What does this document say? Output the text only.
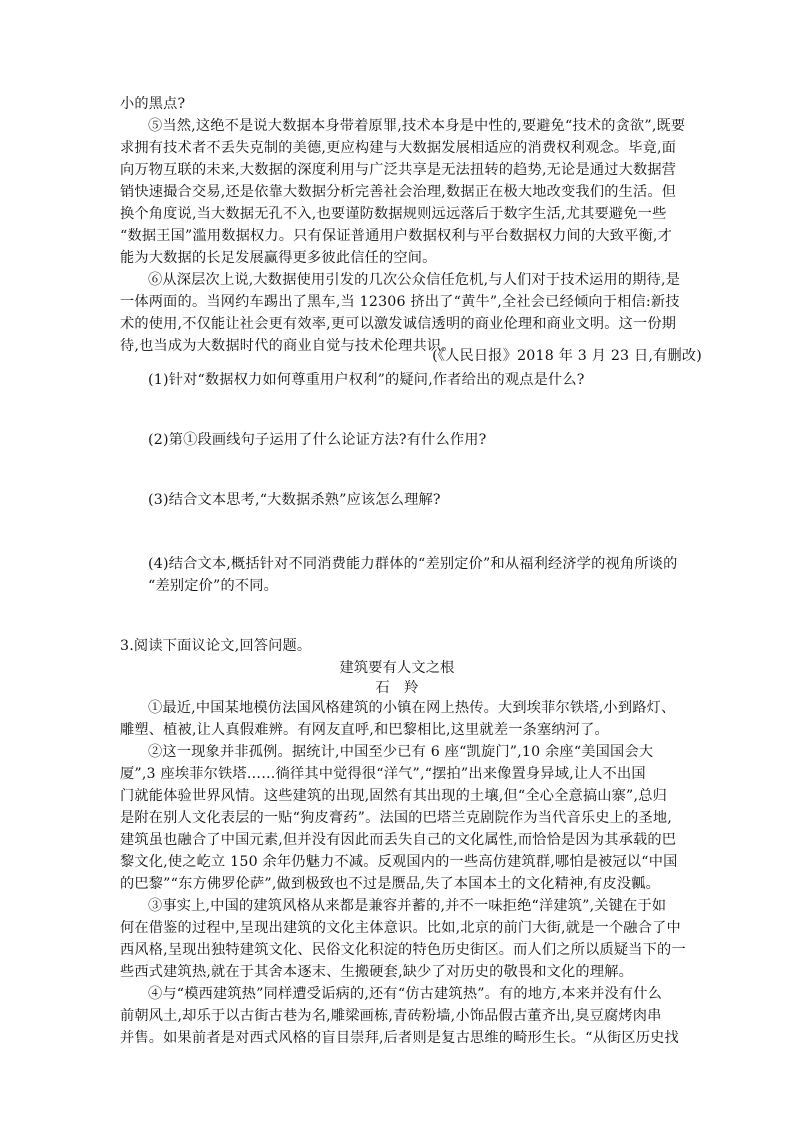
小的黑点?
⑤当然,这绝不是说大数据本身带着原罪,技术本身是中性的,要避免“技术的贪欲”,既要
求拥有技术者不丢失克制的美德,更应构建与大数据发展相适应的消费权利观念。毕竟,面
向万物互联的未来,大数据的深度利用与广泛共享是无法扭转的趋势,无论是通过大数据营
销快速撮合交易,还是依靠大数据分析完善社会治理,数据正在极大地改变我们的生活。但
换个角度说,当大数据无孔不入,也要谨防数据规则远远落后于数字生活,尤其要避免一些
“数据王国”滥用数据权力。只有保证普通用户数据权利与平台数据权力间的大致平衡,才
能为大数据的长足发展赢得更多彼此信任的空间。
⑥从深层次上说,大数据使用引发的几次公众信任危机,与人们对于技术运用的期待,是
一体两面的。当网约车踢出了黑车,当 12306 挤出了“黄牛”,全社会已经倾向于相信:新技
术的使用,不仅能让社会更有效率,更可以激发诚信透明的商业伦理和商业文明。这一份期
待,也当成为大数据时代的商业自觉与技术伦理共识。
(《人民日报》2018 年 3 月 23 日,有删改)
(1)针对“数据权力如何尊重用户权利”的疑问,作者给出的观点是什么?
(2)第①段画线句子运用了什么论证方法?有什么作用?
(3)结合文本思考,“大数据杀熟”应该怎么理解?
(4)结合文本,概括针对不同消费能力群体的“差别定价”和从福利经济学的视角所谈的
“差别定价”的不同。
3.阅读下面议论文,回答问题。
建筑要有人文之根
石　羚
①最近,中国某地模仿法国风格建筑的小镇在网上热传。大到埃菲尔铁塔,小到路灯、
雕塑、植被,让人真假难辨。有网友直呼,和巴黎相比,这里就差一条塞纳河了。
②这一现象并非孤例。据统计,中国至少已有 6 座“凯旋门”,10 余座“美国国会大
厦”,3 座埃菲尔铁塔……徜徉其中觉得很“洋气”,“摆拍”出来像置身异域,让人不出国
门就能体验世界风情。这些建筑的出现,固然有其出现的土壤,但“全心全意搞山寨”,总归
是附在别人文化表层的一贴“狗皮膏药”。法国的巴塔兰克剧院作为当代音乐史上的圣地,
建筑虽也融合了中国元素,但并没有因此而丢失自己的文化属性,而恰恰是因为其承载的巴
黎文化,使之屹立 150 余年仍魅力不减。反观国内的一些高仿建筑群,哪怕是被冠以“中国
的巴黎”“东方佛罗伦萨”,做到极致也不过是赝品,失了本国本土的文化精神,有皮没瓤。
③事实上,中国的建筑风格从来都是兼容并蓄的,并不一味拒绝“洋建筑”,关键在于如
何在借鉴的过程中,呈现出建筑的文化主体意识。比如,北京的前门大街,就是一个融合了中
西风格,呈现出独特建筑文化、民俗文化积淀的特色历史街区。而人们之所以质疑当下的一
些西式建筑热,就在于其舍本逐末、生搬硬套,缺少了对历史的敬畏和文化的理解。
④与“模西建筑热”同样遭受诟病的,还有“仿古建筑热”。有的地方,本来并没有什么
前朝风土,却乐于以古街古巷为名,雕梁画栋,青砖粉墙,小饰品假古董齐出,臭豆腐烤肉串
并售。如果前者是对西式风格的盲目崇拜,后者则是复古思维的畸形生长。“从街区历史找
